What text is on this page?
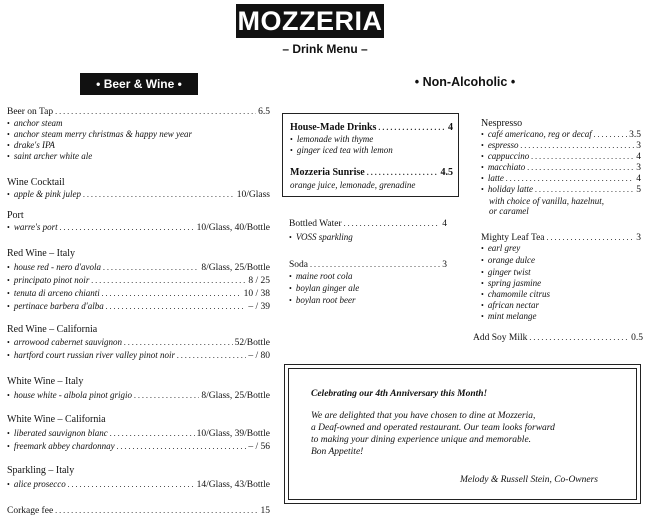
MOZZERIA
– Drink Menu –
• Beer & Wine •	• Non-Alcoholic •
Beer on Tap . . .	6.5
• anchor steam
• anchor steam merry christmas & happy new year
• drake's IPA
• saint archer white ale
Wine Cocktail
• apple & pink julep . . .	10/Glass
Port
• warre's port . . .	10/Glass, 40/Bottle
Red Wine – Italy
• house red - nero d'avola . . .	8/Glass, 25/Bottle
• principato pinot noir . . .	8 / 25
• tenuta di arceno chianti . . .	10 / 38
• pertinace barbera d'alba . . .	– / 39
Red Wine – California
• arrowood cabernet sauvignon . . .	52/Bottle
• hartford court russian river valley pinot noir . . .	– / 80
White Wine – Italy
• house white - albola pinot grigio . . .	8/Glass, 25/Bottle
White Wine – California
• liberated sauvignon blanc . . .	10/Glass, 39/Bottle
• freemark abbey chardonnay . . .	– / 56
Sparkling – Italy
• alice prosecco . . .	14/Glass, 43/Bottle
Corkage fee . . .	15
House-Made Drinks . . .	4
• lemonade with thyme
• ginger iced tea with lemon
Mozzeria Sunrise . . .	4.5
orange juice, lemonade, grenadine
Bottled Water . . .	4
• VOSS sparkling
Soda . . .	3
• maine root cola
• boylan ginger ale
• boylan root beer
Nespresso
• café americano, reg or decaf . . .	3.5
• espresso . . .	3
• cappuccino . . .	4
• macchiato . . .	3
• latte . . .	4
• holiday latte . . .	5
with choice of vanilla, hazelnut,
or caramel
Mighty Leaf Tea . . .	3
• earl grey
• orange dulce
• ginger twist
• spring jasmine
• chamomile citrus
• african nectar
• mint melange
Add Soy Milk . . .	0.5
Celebrating our 4th Anniversary this Month!
We are delighted that you have chosen to dine at Mozzeria,
a Deaf-owned and operated restaurant. Our team looks forward
to making your dining experience unique and memorable.
Bon Appetite!
Melody & Russell Stein, Co-Owners
